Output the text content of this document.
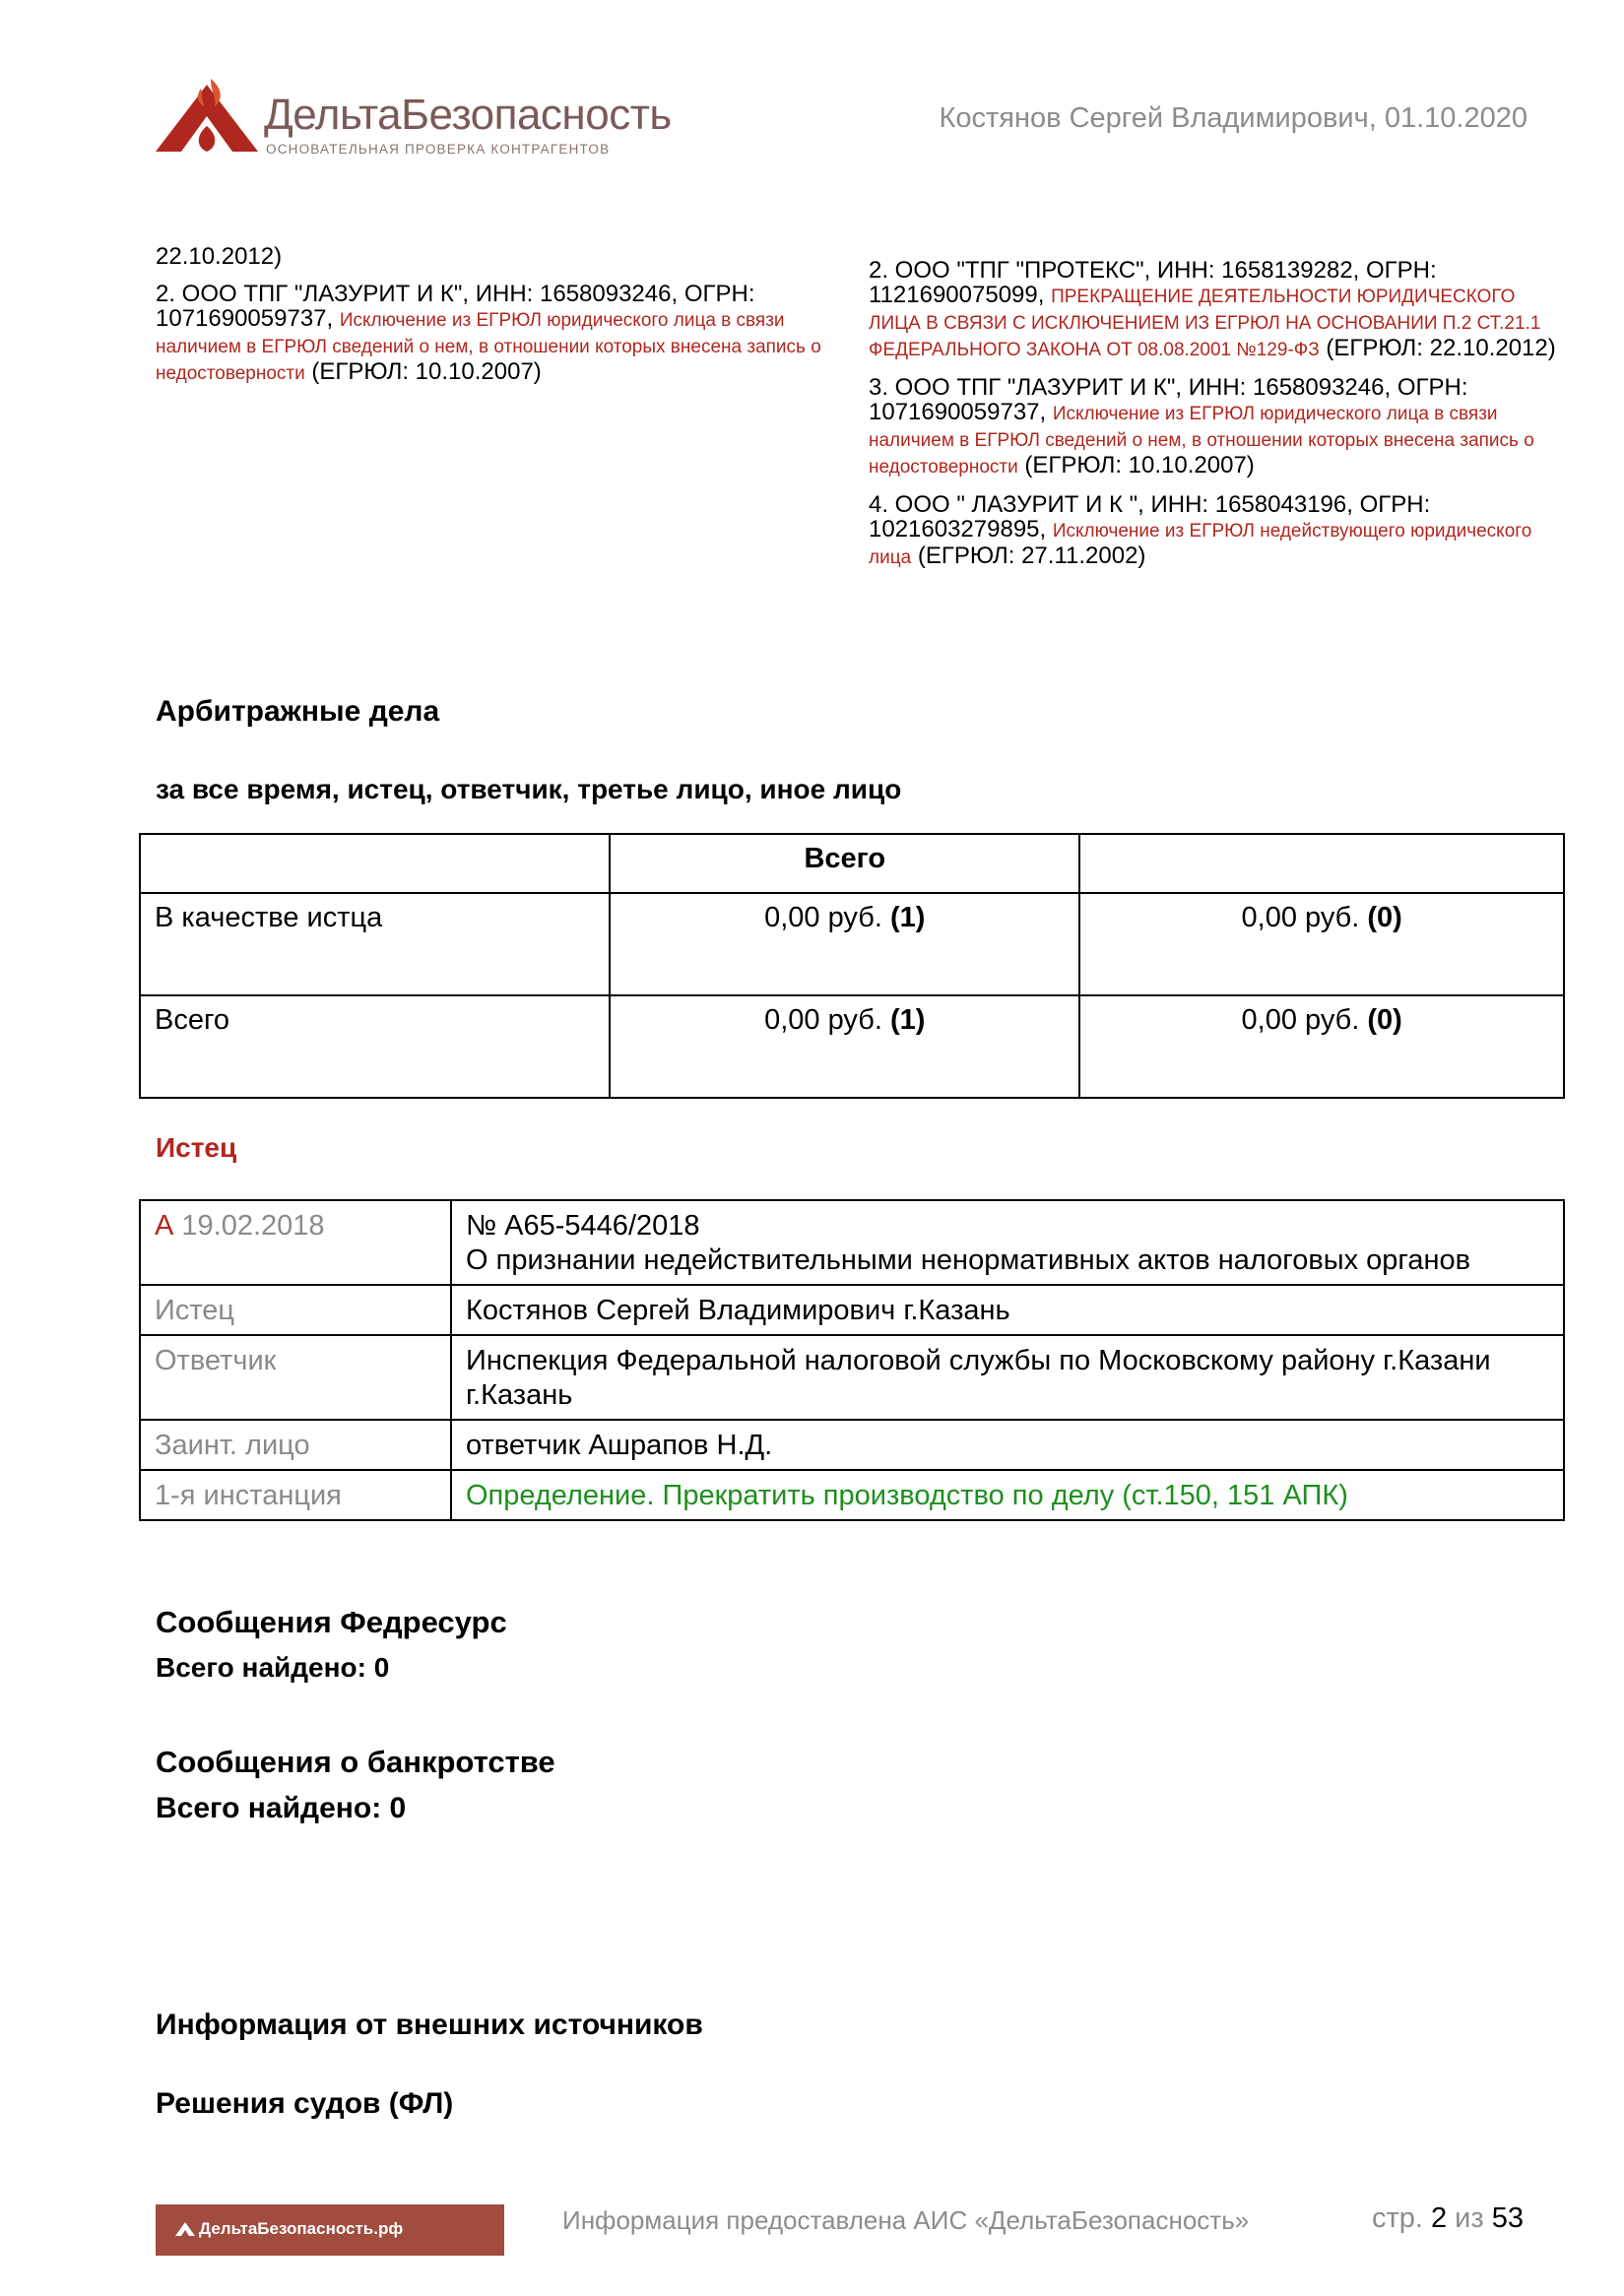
ДельтаБезопасность
ОСНОВАТЕЛЬНАЯ ПРОВЕРКА КОНТРАГЕНТОВ
Костянов Сергей Владимирович, 01.10.2020

22.10.2012)

2. ООО ТПГ "ЛАЗУРИТ И К", ИНН: 1658093246, ОГРН: 1071690059737, Исключение из ЕГРЮЛ юридического лица в связи наличием в ЕГРЮЛ сведений о нем, в отношении которых внесена запись о недостоверности (ЕГРЮЛ: 10.10.2007)

2. ООО "ТПГ "ПРОТЕКС", ИНН: 1658139282, ОГРН: 1121690075099, ПРЕКРАЩЕНИЕ ДЕЯТЕЛЬНОСТИ ЮРИДИЧЕСКОГО ЛИЦА В СВЯЗИ С ИСКЛЮЧЕНИЕМ ИЗ ЕГРЮЛ НА ОСНОВАНИИ П.2 СТ.21.1 ФЕДЕРАЛЬНОГО ЗАКОНА ОТ 08.08.2001 №129-ФЗ (ЕГРЮЛ: 22.10.2012)

3. ООО ТПГ "ЛАЗУРИТ И К", ИНН: 1658093246, ОГРН: 1071690059737, Исключение из ЕГРЮЛ юридического лица в связи наличием в ЕГРЮЛ сведений о нем, в отношении которых внесена запись о недостоверности (ЕГРЮЛ: 10.10.2007)

4. ООО " ЛАЗУРИТ И К ", ИНН: 1658043196, ОГРН: 1021603279895, Исключение из ЕГРЮЛ недействующего юридического лица (ЕГРЮЛ: 27.11.2002)

Арбитражные дела
за все время, истец, ответчик, третье лицо, иное лицо
	Всего	
В качестве истца	0,00 руб. (1)	0,00 руб. (0)
Всего	0,00 руб. (1)	0,00 руб. (0)
Истец
А 19.02.2018	№ А65-5446/2018
О признании недействительными ненормативных актов налоговых органов

Истец	Костянов Сергей Владимирович г.Казань
Ответчик	Инспекция Федеральной налоговой службы по Московскому району г.Казани г.Казань
Заинт. лицо	ответчик Ашрапов Н.Д.
1-я инстанция	Определение. Прекратить производство по делу (ст.150, 151 АПК)
Сообщения Федресурс
Всего найдено: 0
Сообщения о банкротстве
Всего найдено: 0
Информация от внешних источников
Решения судов (ФЛ)
ДельтаБезопасность.рф	Информация предоставлена АИС «ДельтаБезопасность»	стр. 2 из 53
